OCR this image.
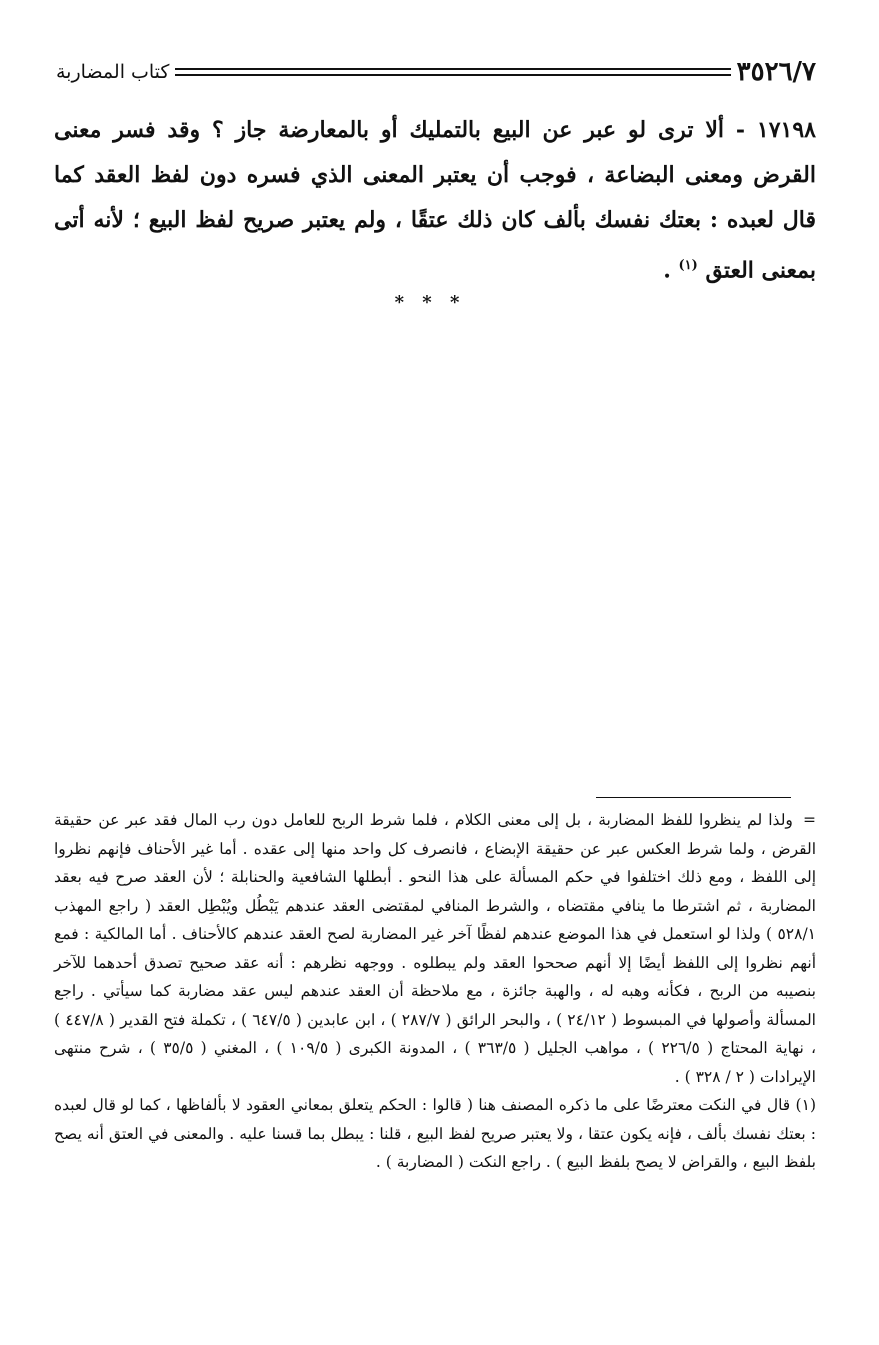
٣٥٢٦/٧
كتاب المضاربة
١٧١٩٨ - ألا ترى لو عبر عن البيع بالتمليك أو بالمعارضة جاز ؟ وقد فسر معنى القرض ومعنى البضاعة ، فوجب أن يعتبر المعنى الذي فسره دون لفظ العقد كما قال لعبده : بعتك نفسك بألف كان ذلك عتقًا ، ولم يعتبر صريح لفظ البيع ؛ لأنه أتى بمعنى العتق $^{(١)}$ .
* * *

= ولذا لم ينظروا للفظ المضاربة ، بل إلى معنى الكلام ، فلما شرط الربح للعامل دون رب المال فقد عبر عن حقيقة القرض ، ولما شرط العكس عبر عن حقيقة الإبضاع ، فانصرف كل واحد منها إلى عقده . أما غير الأحناف فإنهم نظروا إلى اللفظ ، ومع ذلك اختلفوا في حكم المسألة على هذا النحو . أبطلها الشافعية والحنابلة ؛ لأن العقد صرح فيه بعقد المضاربة ، ثم اشترطا ما ينافي مقتضاه ، والشرط المنافي لمقتضى العقد عندهم يَبْطُل ويُبْطِل العقد ( راجع المهذب ٥٢٨/١ ) ولذا لو استعمل في هذا الموضع عندهم لفظًا آخر غير المضاربة لصح العقد عندهم كالأحناف . أما المالكية : فمع أنهم نظروا إلى اللفظ أيضًا إلا أنهم صححوا العقد ولم يبطلوه . ووجهه نظرهم : أنه عقد صحيح تصدق أحدهما للآخر بنصيبه من الربح ، فكأنه وهبه له ، والهبة جائزة ، مع ملاحظة أن العقد عندهم ليس عقد مضاربة كما سيأتي . راجع المسألة وأصولها في المبسوط ( ٢٤/١٢ ) ، والبحر الرائق ( ٢٨٧/٧ ) ، ابن عابدين ( ٦٤٧/٥ ) ، تكملة فتح القدير ( ٤٤٧/٨ ) ، نهاية المحتاج ( ٢٢٦/٥ ) ، مواهب الجليل ( ٣٦٣/٥ ) ، المدونة الكبرى ( ١٠٩/٥ ) ، المغني ( ٣٥/٥ ) ، شرح منتهى الإيرادات ( ٢ / ٣٢٨ ) .

(١) قال في النكت معترضًا على ما ذكره المصنف هنا ( قالوا : الحكم يتعلق بمعاني العقود لا بألفاظها ، كما لو قال لعبده : بعتك نفسك بألف ، فإنه يكون عتقا ، ولا يعتبر صريح لفظ البيع ، قلنا : يبطل بما قسنا عليه . والمعنى في العتق أنه يصح بلفظ البيع ، والقراض لا يصح بلفظ البيع ) . راجع النكت ( المضاربة ) .
